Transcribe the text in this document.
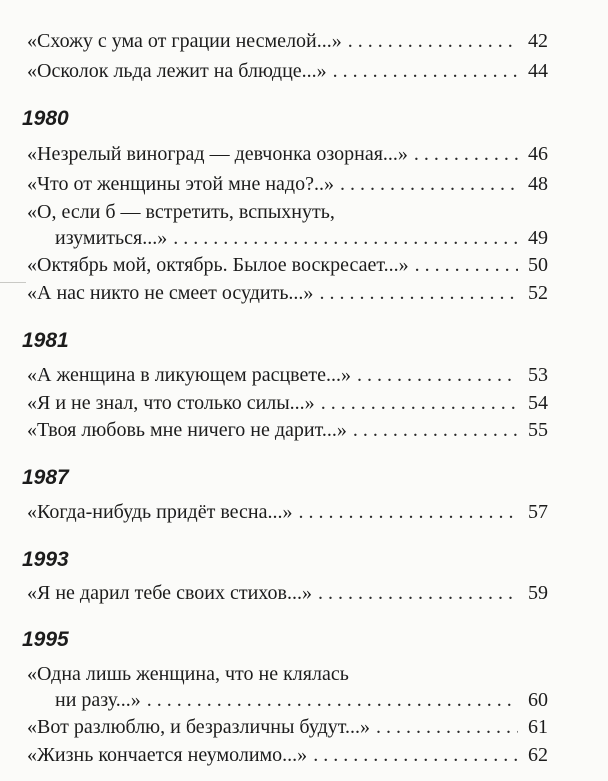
«Схожу с ума от грации несмелой...» . . .	42
«Осколок льда лежит на блюдце...» . . .	44
1980
«Незрелый виноград — девчонка озорная...» . . .	46
«Что от женщины этой мне надо?..» . . .	48
«О, если б — встретить, вспыхнуть,
изумиться...» . . .	49
«Октябрь мой, октябрь. Былое воскресает...» . . .	50
«А нас никто не смеет осудить...» . . .	52
1981
«А женщина в ликующем расцвете...» . . .	53
«Я и не знал, что столько силы...» . . .	54
«Твоя любовь мне ничего не дарит...» . . .	55
1987
«Когда-нибудь придёт весна...» . . .	57
1993
«Я не дарил тебе своих стихов...» . . .	59
1995
«Одна лишь женщина, что не клялась
ни разу...» . . .	60
«Вот разлюблю, и безразличны будут...» . . .	61
«Жизнь кончается неумолимо...» . . .	62
